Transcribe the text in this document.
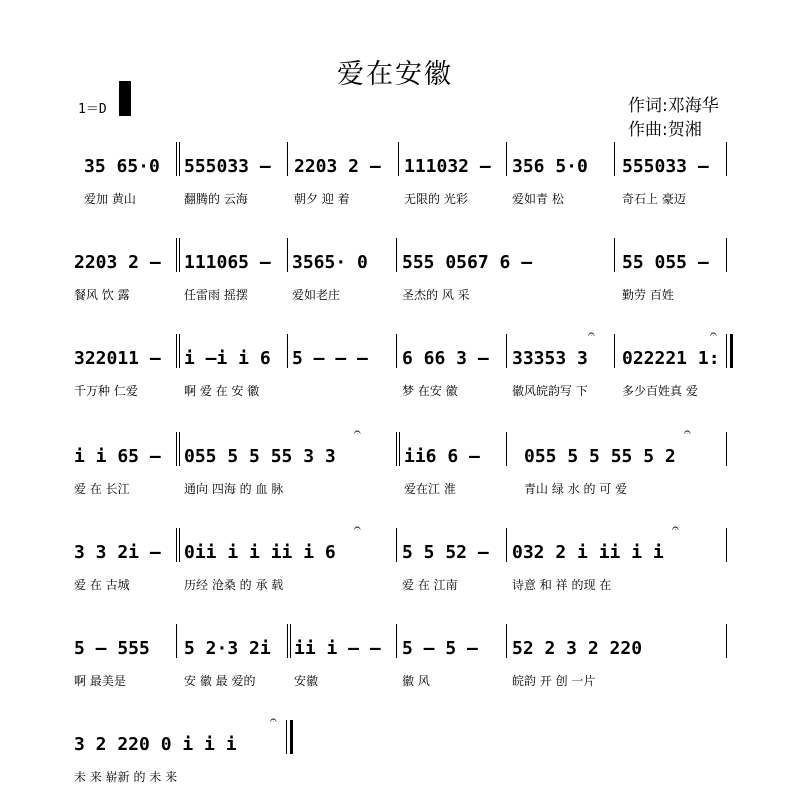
爱在安徽
1＝D	作词:邓海华
作曲:贺湘
35 65·0
爱加 黄山
555033 –
翻腾的 云海
2203 2 –
朝夕 迎 着
111032 –
无限的 光彩
356 5·0
爱如青 松
555033 –
奇石上 豪迈
2203 2 –
餐风 饮 露
111065 –
任雷雨 摇摆
3565· 0
爱如老庄
555 0567 6 –
圣杰的 风 采
55 055 –
勤劳 百姓
322011 –
千万种 仁爱
i –i i 6
啊 爱 在 安 徽
5 – – – 6 66 3 –
梦 在安 徽
𝄐
33353 3
徽风皖韵写 下
𝄐
022221 1:
多少百姓真 爱
i i 65 –
爱 在 长江
𝄐
055 5 5 55 3 3
通向 四海 的 血 脉
ii6 6 –
爱在江 淮
𝄐
055 5 5 55 5 2
青山 绿 水 的 可 爱
3 3 2i –
爱 在 古城
𝄐
0ii i i ii i 6
历经 沧桑 的 承 载
5 5 52 –
爱 在 江南
𝄐
032 2 i ii i i
诗意 和 祥 的现 在
5 – 555
啊 最美是
5 2·3 2i
安 徽 最 爱的
ii i – –
安徽
5 – 5 –
徽 风
52 2 3 2 220
皖韵 开 创 一片
𝄐
3 2 220 0 i i i
未 来 崭新 的 未 来
